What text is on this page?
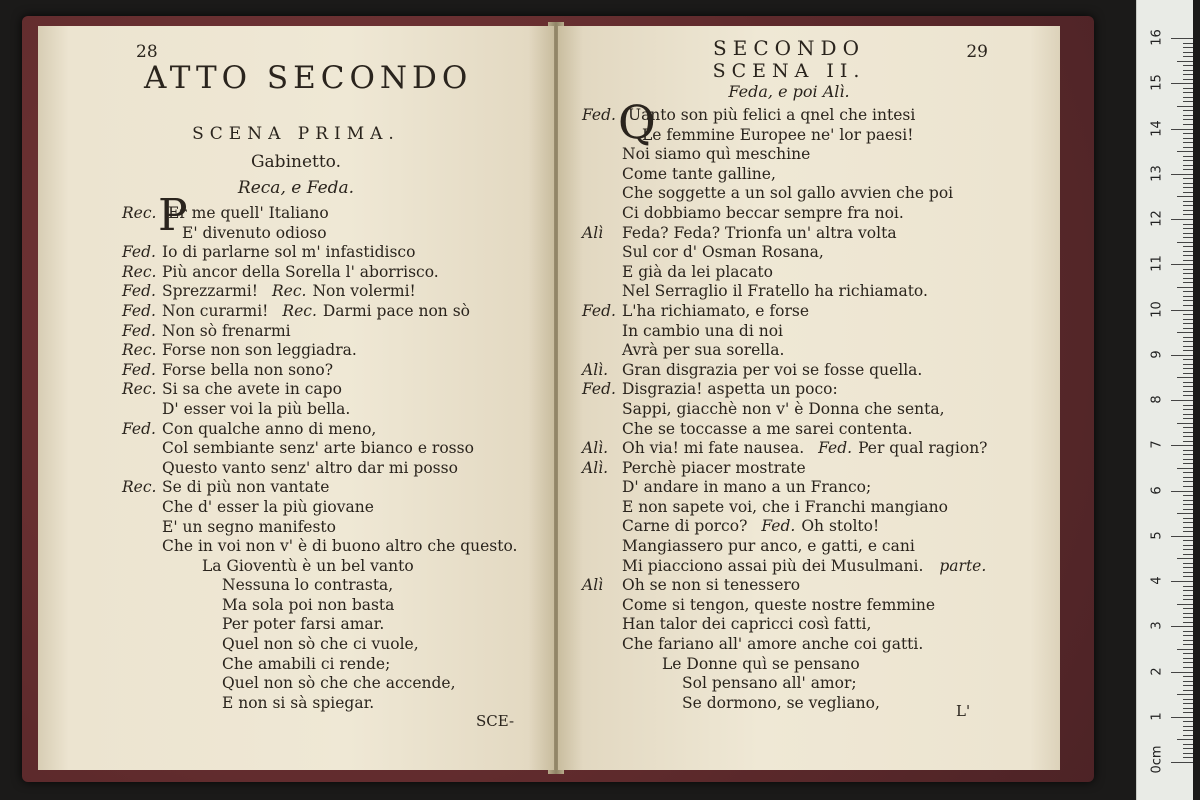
28
ATTO SECONDO
SCENA PRIMA.
Gabinetto.
Reca, e Feda.
P
Rec. Er me quell' Italiano
E' divenuto odioso
Fed. Io di parlarne sol m' infastidisco
Rec. Più ancor della Sorella l' aborrisco.
Fed. Sprezzarmi! Rec. Non volermi!
Fed. Non curarmi! Rec. Darmi pace non sò
Fed. Non sò frenarmi
Rec. Forse non son leggiadra.
Fed. Forse bella non sono?
Rec. Si sa che avete in capo
D' esser voi la più bella.
Fed. Con qualche anno di meno,
Col sembiante senz' arte bianco e rosso
Questo vanto senz' altro dar mi posso
Rec. Se di più non vantate
Che d' esser la più giovane
E' un segno manifesto
Che in voi non v' è di buono altro che questo.
La Gioventù è un bel vanto
Nessuna lo contrasta,
Ma sola poi non basta
Per poter farsi amar.
Quel non sò che ci vuole,
Che amabili ci rende;
Quel non sò che che accende,
E non si sà spiegar.
SCE-
SECONDO	29
SCENA II.
Feda, e poi Alì.
Q
Fed. Uanto son più felici a qnel che intesi
Le femmine Europee ne' lor paesi!
Noi siamo quì meschine
Come tante galline,
Che soggette a un sol gallo avvien che poi
Ci dobbiamo beccar sempre fra noi.
Alì Feda? Feda? Trionfa un' altra volta
Sul cor d' Osman Rosana,
E già da lei placato
Nel Serraglio il Fratello ha richiamato.
Fed. L'ha richiamato, e forse
In cambio una di noi
Avrà per sua sorella.
Alì. Gran disgrazia per voi se fosse quella.
Fed. Disgrazia! aspetta un poco:
Sappi, giacchè non v' è Donna che senta,
Che se toccasse a me sarei contenta.
Alì. Oh via! mi fate nausea. Fed. Per qual ragion?
Alì. Perchè piacer mostrate
D' andare in mano a un Franco;
E non sapete voi, che i Franchi mangiano
Carne di porco? Fed. Oh stolto!
Mangiassero pur anco, e gatti, e cani
Mi piacciono assai più dei Musulmani. parte.
Alì Oh se non si tenessero
Come si tengon, queste nostre femmine
Han talor dei capricci così fatti,
Che fariano all' amore anche coi gatti.
Le Donne quì se pensano
Sol pensano all' amor;
Se dormono, se vegliano,	L'
0cm
1
2
3
4
5
6
7
8
9
10
11
12
13
14
15
16
